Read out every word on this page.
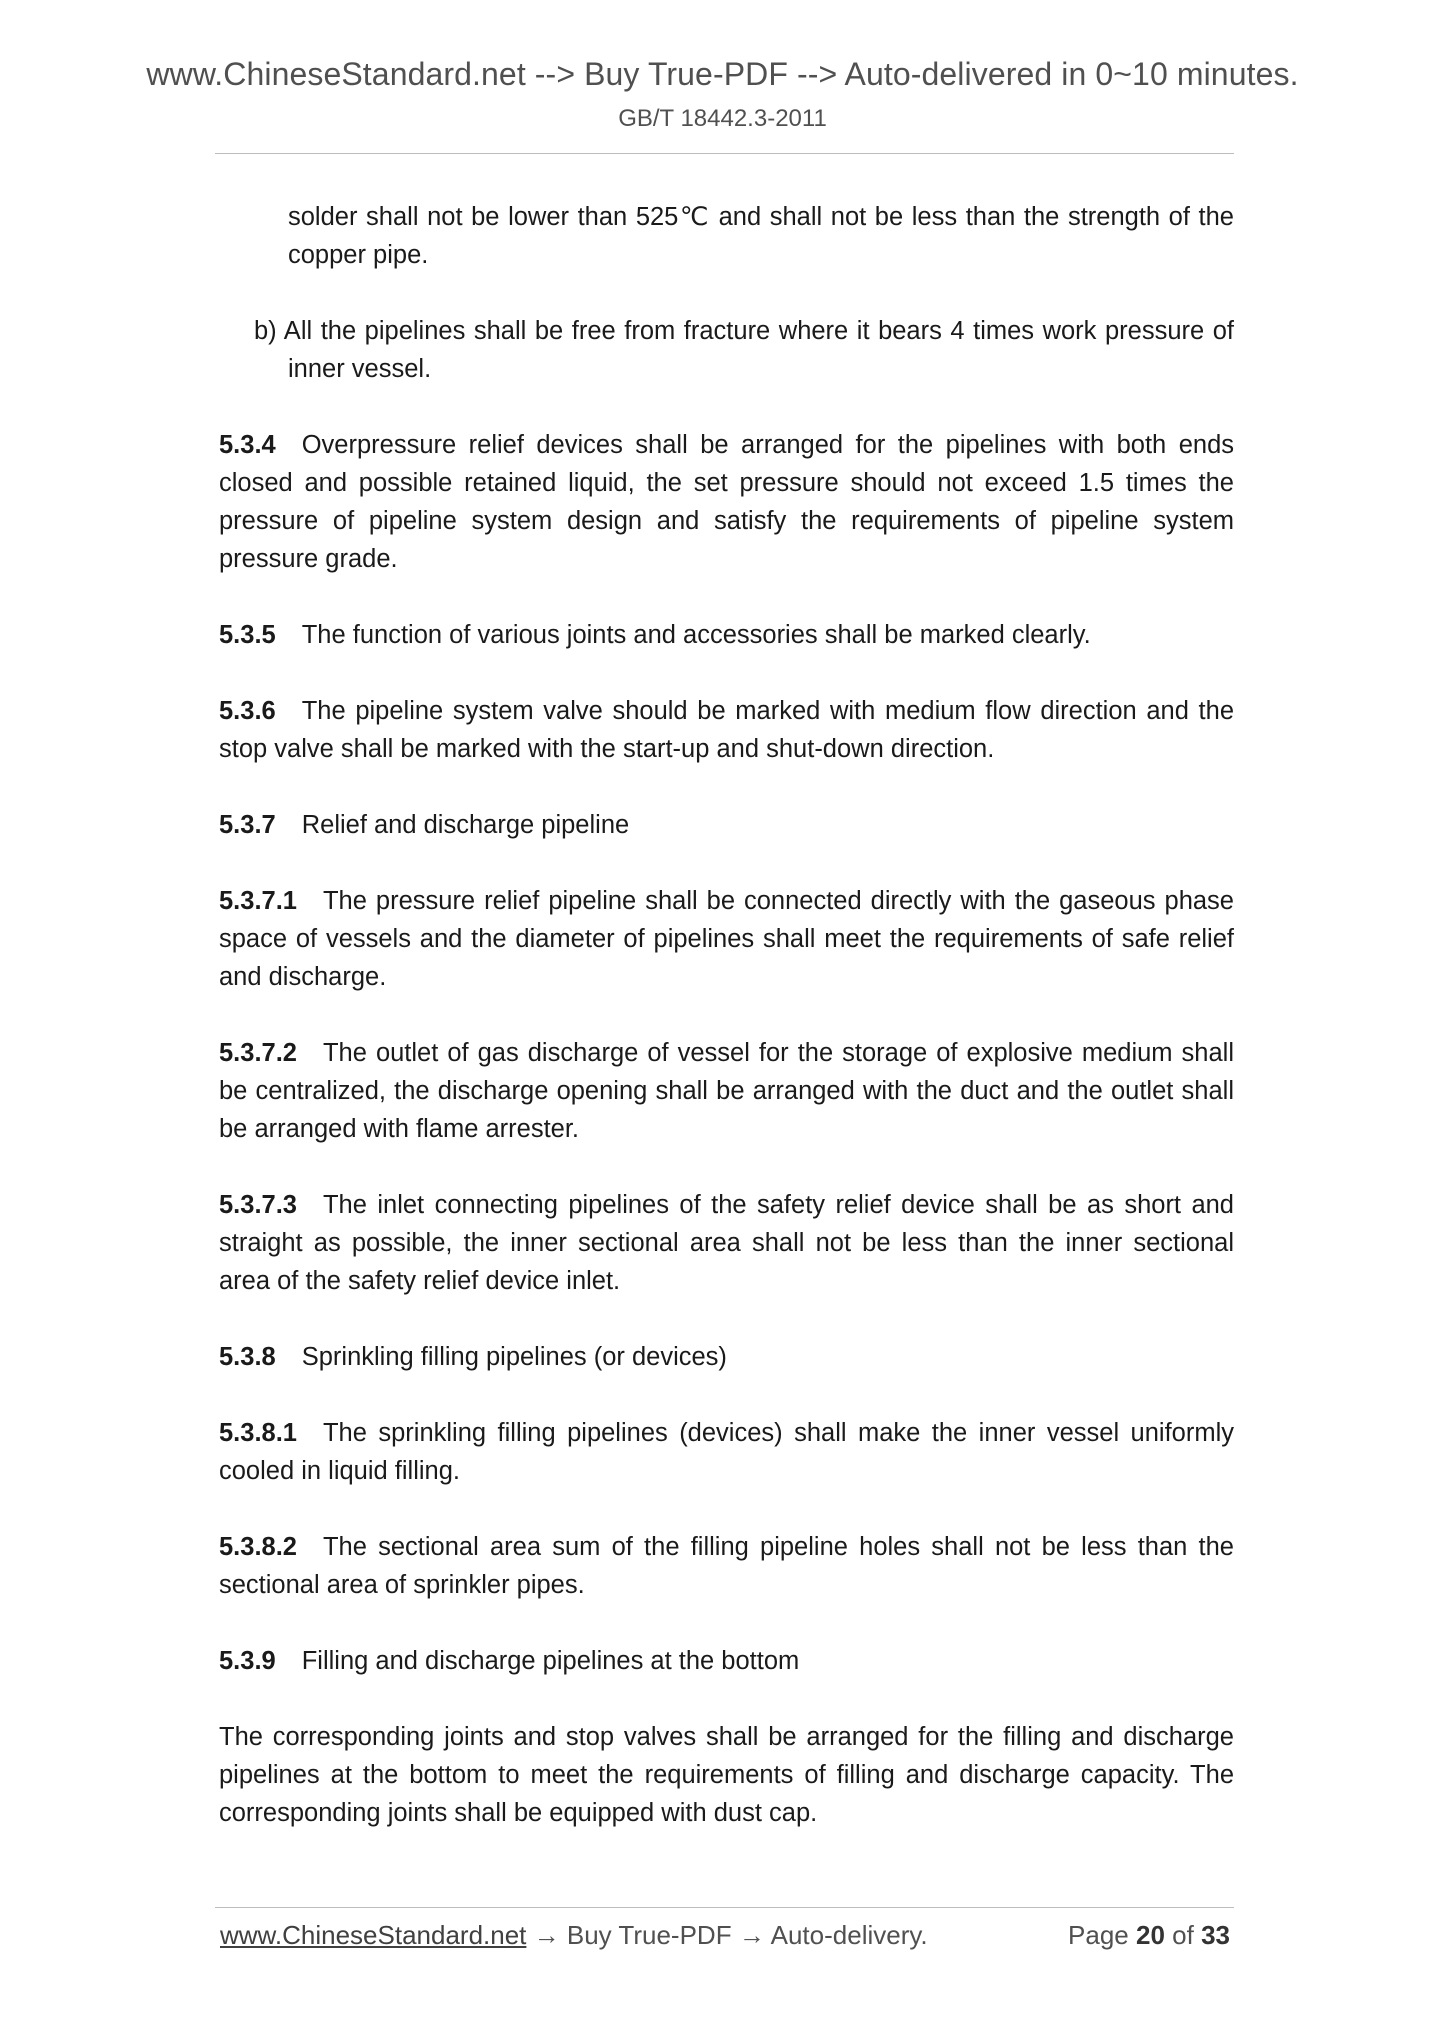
www.ChineseStandard.net --> Buy True-PDF --> Auto-delivered in 0~10 minutes.
GB/T 18442.3-2011

solder shall not be lower than 525℃ and shall not be less than the strength of the copper pipe.

b) All the pipelines shall be free from fracture where it bears 4 times work pressure of inner vessel.

5.3.4 Overpressure relief devices shall be arranged for the pipelines with both ends closed and possible retained liquid, the set pressure should not exceed 1.5 times the pressure of pipeline system design and satisfy the requirements of pipeline system pressure grade.

5.3.5 The function of various joints and accessories shall be marked clearly.

5.3.6 The pipeline system valve should be marked with medium flow direction and the stop valve shall be marked with the start-up and shut-down direction.

5.3.7 Relief and discharge pipeline

5.3.7.1 The pressure relief pipeline shall be connected directly with the gaseous phase space of vessels and the diameter of pipelines shall meet the requirements of safe relief and discharge.

5.3.7.2 The outlet of gas discharge of vessel for the storage of explosive medium shall be centralized, the discharge opening shall be arranged with the duct and the outlet shall be arranged with flame arrester.

5.3.7.3 The inlet connecting pipelines of the safety relief device shall be as short and straight as possible, the inner sectional area shall not be less than the inner sectional area of the safety relief device inlet.

5.3.8 Sprinkling filling pipelines (or devices)

5.3.8.1 The sprinkling filling pipelines (devices) shall make the inner vessel uniformly cooled in liquid filling.

5.3.8.2 The sectional area sum of the filling pipeline holes shall not be less than the sectional area of sprinkler pipes.

5.3.9 Filling and discharge pipelines at the bottom

The corresponding joints and stop valves shall be arranged for the filling and discharge pipelines at the bottom to meet the requirements of filling and discharge capacity. The corresponding joints shall be equipped with dust cap.

www.ChineseStandard.net → Buy True-PDF → Auto-delivery.	Page 20 of 33
